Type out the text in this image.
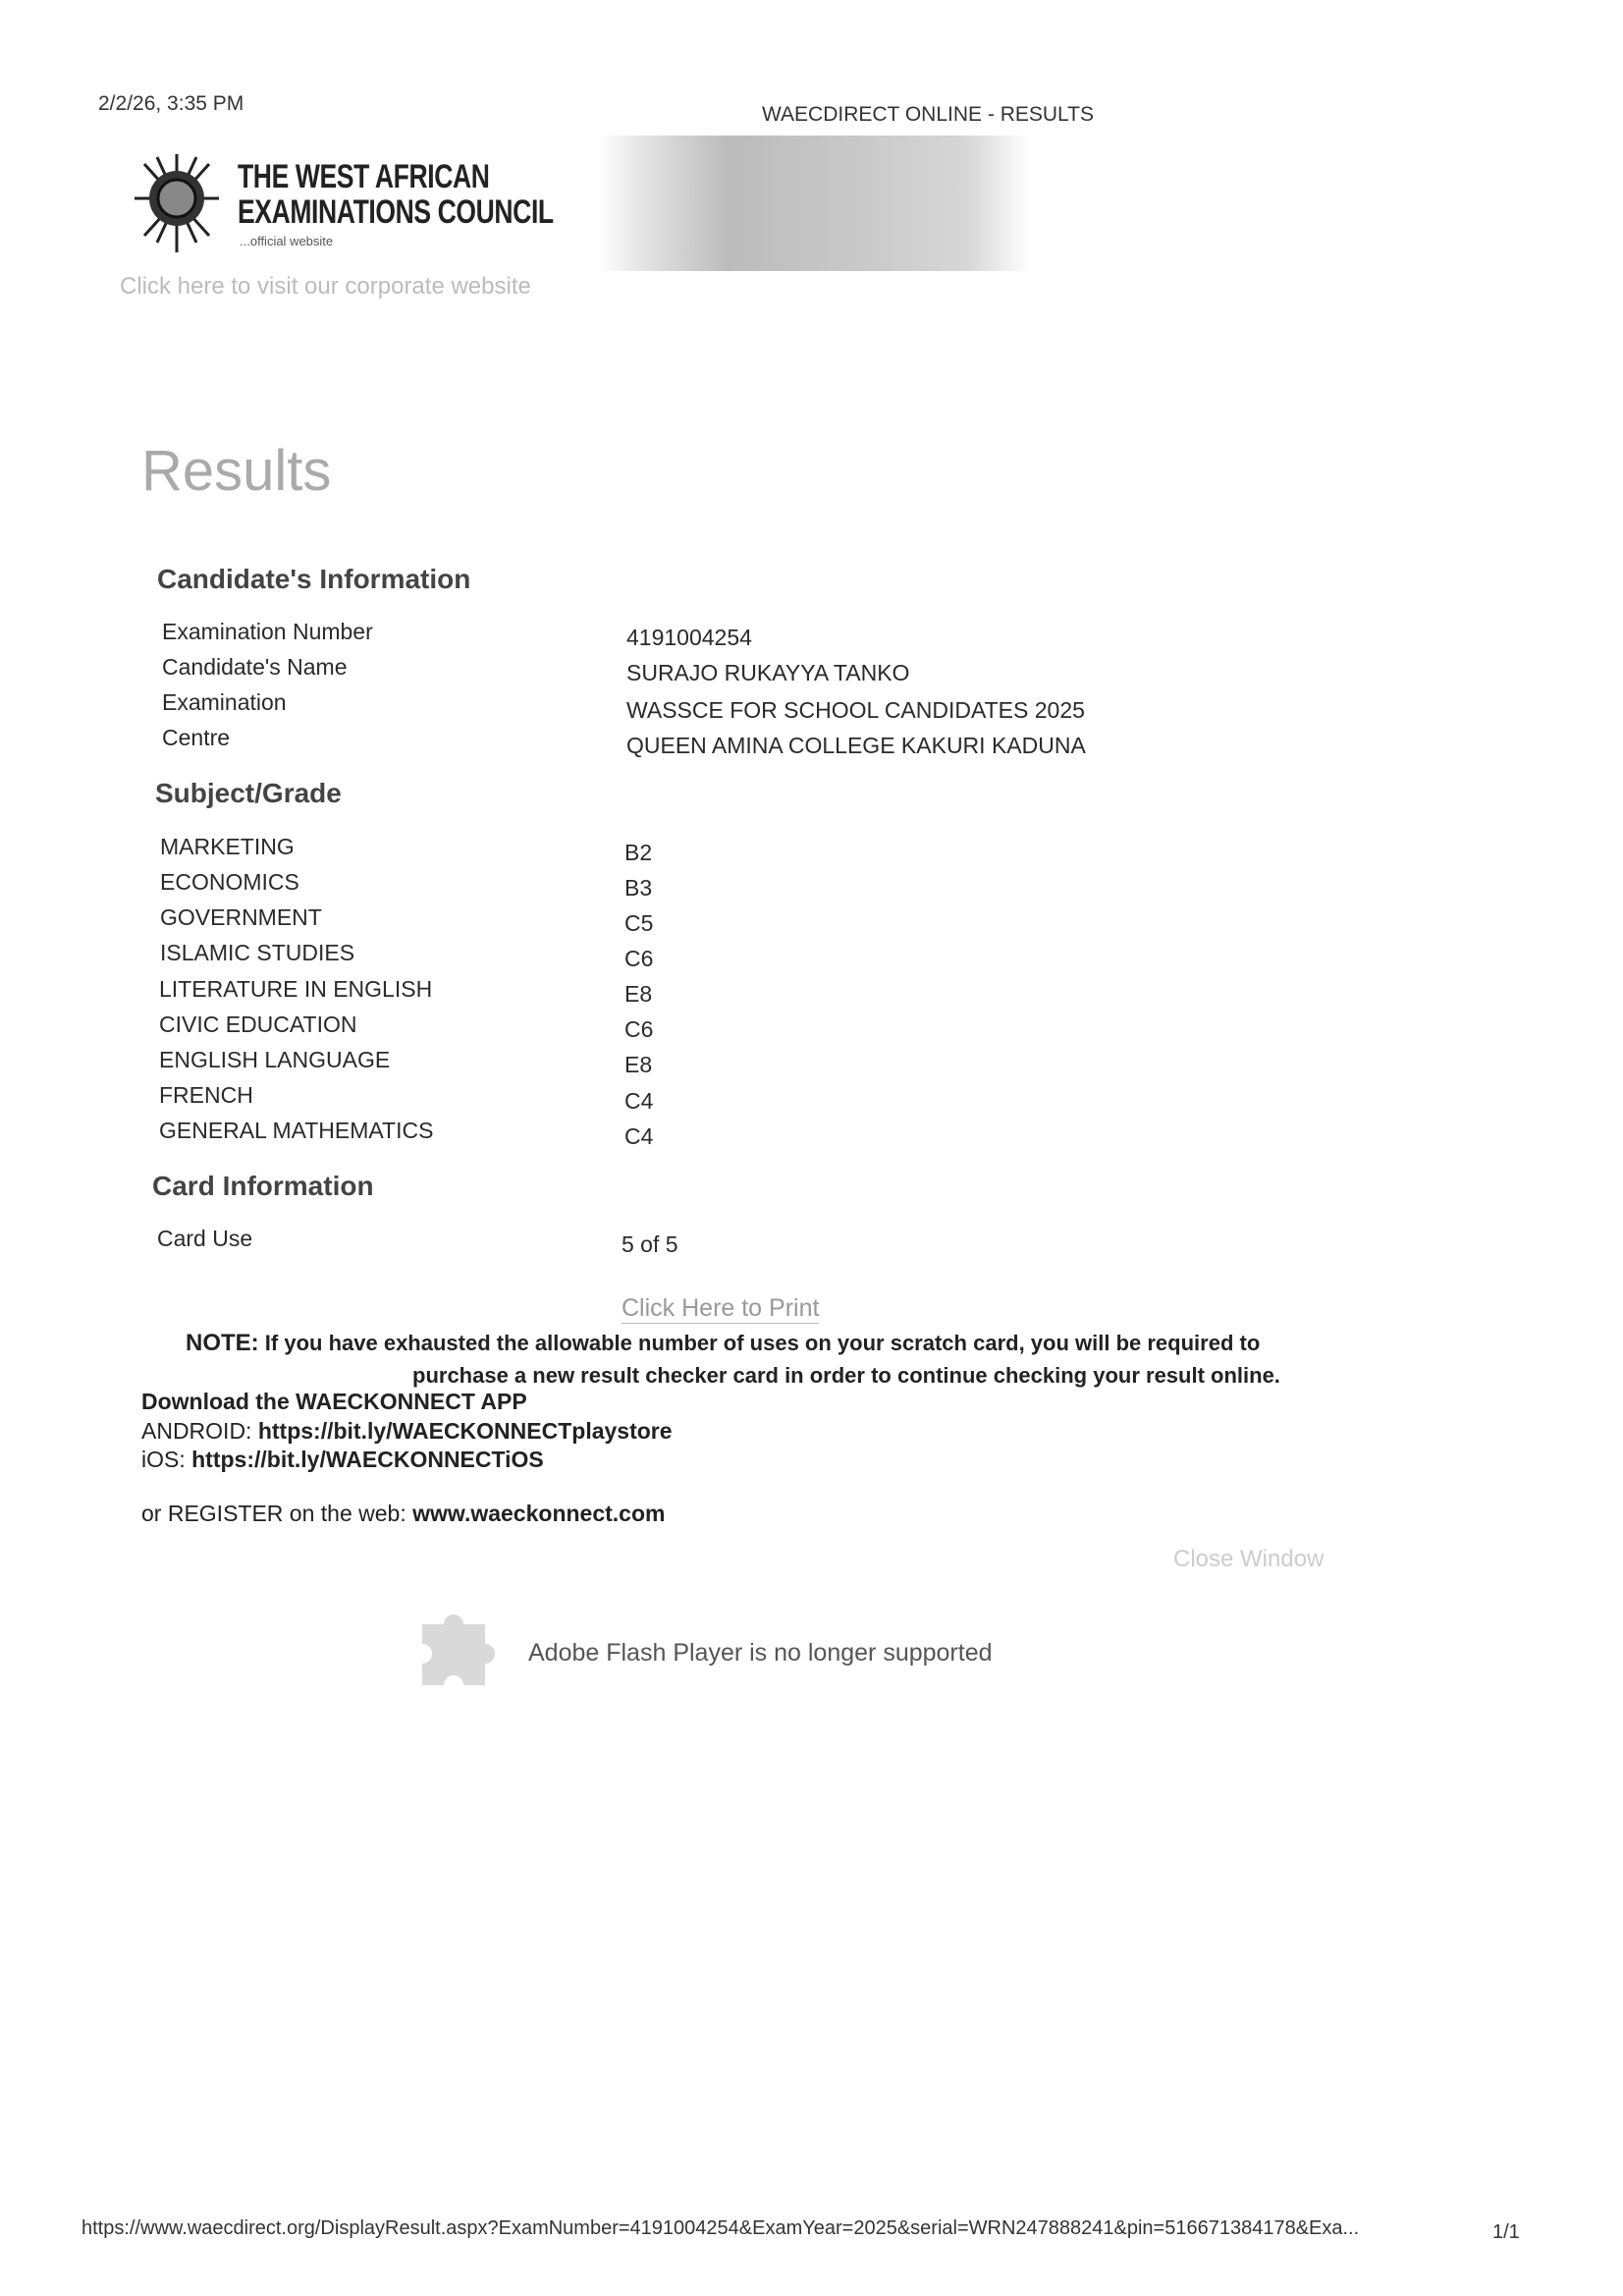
2/2/26, 3:35 PM	WAECDIRECT ONLINE - RESULTS
THE WEST AFRICAN
EXAMINATIONS COUNCIL
...official website
Click here to visit our corporate website
Results
Candidate's Information
Examination Number	4191004254
Candidate's Name	SURAJO RUKAYYA TANKO
Examination	WASSCE FOR SCHOOL CANDIDATES 2025
Centre	QUEEN AMINA COLLEGE KAKURI KADUNA
Subject/Grade
MARKETING	B2
ECONOMICS	B3
GOVERNMENT	C5
ISLAMIC STUDIES	C6
LITERATURE IN ENGLISH	E8
CIVIC EDUCATION	C6
ENGLISH LANGUAGE	E8
FRENCH	C4
GENERAL MATHEMATICS	C4
Card Information
Card Use	5 of 5
Click Here to Print
NOTE: If you have exhausted the allowable number of uses on your scratch card, you will be required to
purchase a new result checker card in order to continue checking your result online.
Download the WAECKONNECT APP
ANDROID: https://bit.ly/WAECKONNECTplaystore
iOS: https://bit.ly/WAECKONNECTiOS
or REGISTER on the web: www.waeckonnect.com
Close Window
Adobe Flash Player is no longer supported
https://www.waecdirect.org/DisplayResult.aspx?ExamNumber=4191004254&ExamYear=2025&serial=WRN247888241&pin=516671384178&Exa...	1/1
